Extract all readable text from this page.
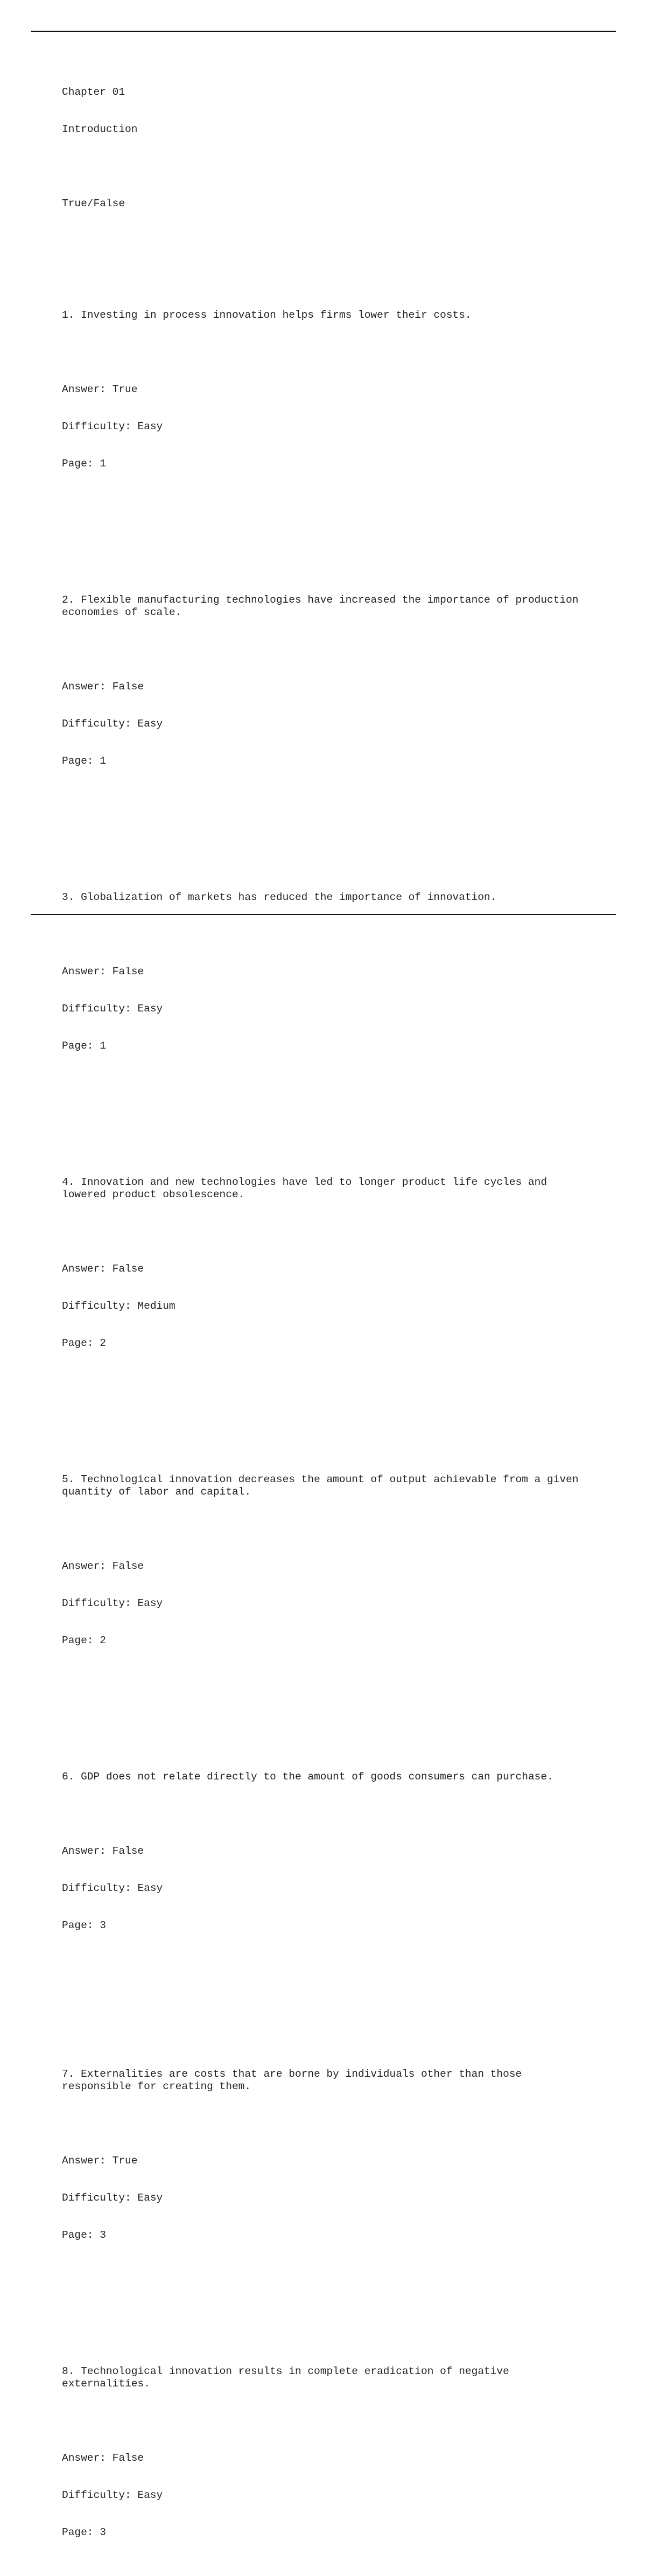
Chapter 01

Introduction

True/False

1. Investing in process innovation helps firms lower their costs.

Answer: True

Difficulty: Easy

Page: 1

2. Flexible manufacturing technologies have increased the importance of production economies of scale.

Answer: False

Difficulty: Easy

Page: 1

3. Globalization of markets has reduced the importance of innovation.

Answer: False

Difficulty: Easy

Page: 1

4. Innovation and new technologies have led to longer product life cycles and lowered product obsolescence.

Answer: False

Difficulty: Medium

Page: 2

5. Technological innovation decreases the amount of output achievable from a given quantity of labor and capital.

Answer: False

Difficulty: Easy

Page: 2

6. GDP does not relate directly to the amount of goods consumers can purchase.

Answer: False

Difficulty: Easy

Page: 3

7. Externalities are costs that are borne by individuals other than those responsible for creating them.

Answer: True

Difficulty: Easy

Page: 3

8. Technological innovation results in complete eradication of negative externalities.

Answer: False

Difficulty: Easy

Page: 3
